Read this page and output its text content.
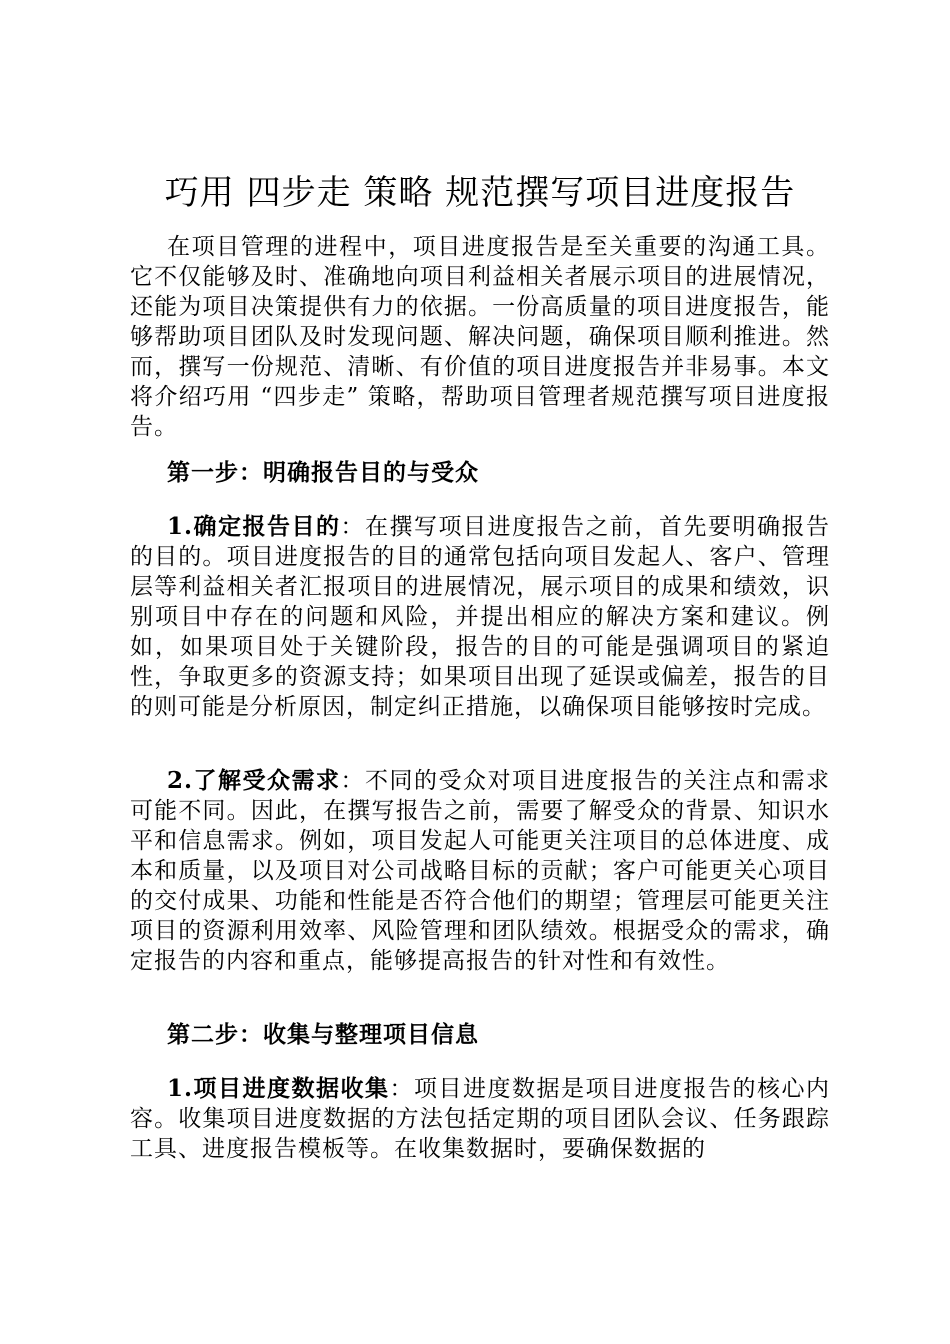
巧用 四步走 策略 规范撰写项目进度报告

在项目管理的进程中，项目进度报告是至关重要的沟通工具。它不仅能够及时、准确地向项目利益相关者展示项目的进展情况，还能为项目决策提供有力的依据。一份高质量的项目进度报告，能够帮助项目团队及时发现问题、解决问题，确保项目顺利推进。然而，撰写一份规范、清晰、有价值的项目进度报告并非易事。本文将介绍巧用 “四步走” 策略，帮助项目管理者规范撰写项目进度报告。

第一步：明确报告目的与受众

1.确定报告目的：在撰写项目进度报告之前，首先要明确报告的目的。项目进度报告的目的通常包括向项目发起人、客户、管理层等利益相关者汇报项目的进展情况，展示项目的成果和绩效，识别项目中存在的问题和风险，并提出相应的解决方案和建议。例如，如果项目处于关键阶段，报告的目的可能是强调项目的紧迫性，争取更多的资源支持；如果项目出现了延误或偏差，报告的目的则可能是分析原因，制定纠正措施，以确保项目能够按时完成。

2.了解受众需求：不同的受众对项目进度报告的关注点和需求可能不同。因此，在撰写报告之前，需要了解受众的背景、知识水平和信息需求。例如，项目发起人可能更关注项目的总体进度、成本和质量，以及项目对公司战略目标的贡献；客户可能更关心项目的交付成果、功能和性能是否符合他们的期望；管理层可能更关注项目的资源利用效率、风险管理和团队绩效。根据受众的需求，确定报告的内容和重点，能够提高报告的针对性和有效性。

第二步：收集与整理项目信息

1.项目进度数据收集：项目进度数据是项目进度报告的核心内容。收集项目进度数据的方法包括定期的项目团队会议、任务跟踪工具、进度报告模板等。在收集数据时，要确保数据的
